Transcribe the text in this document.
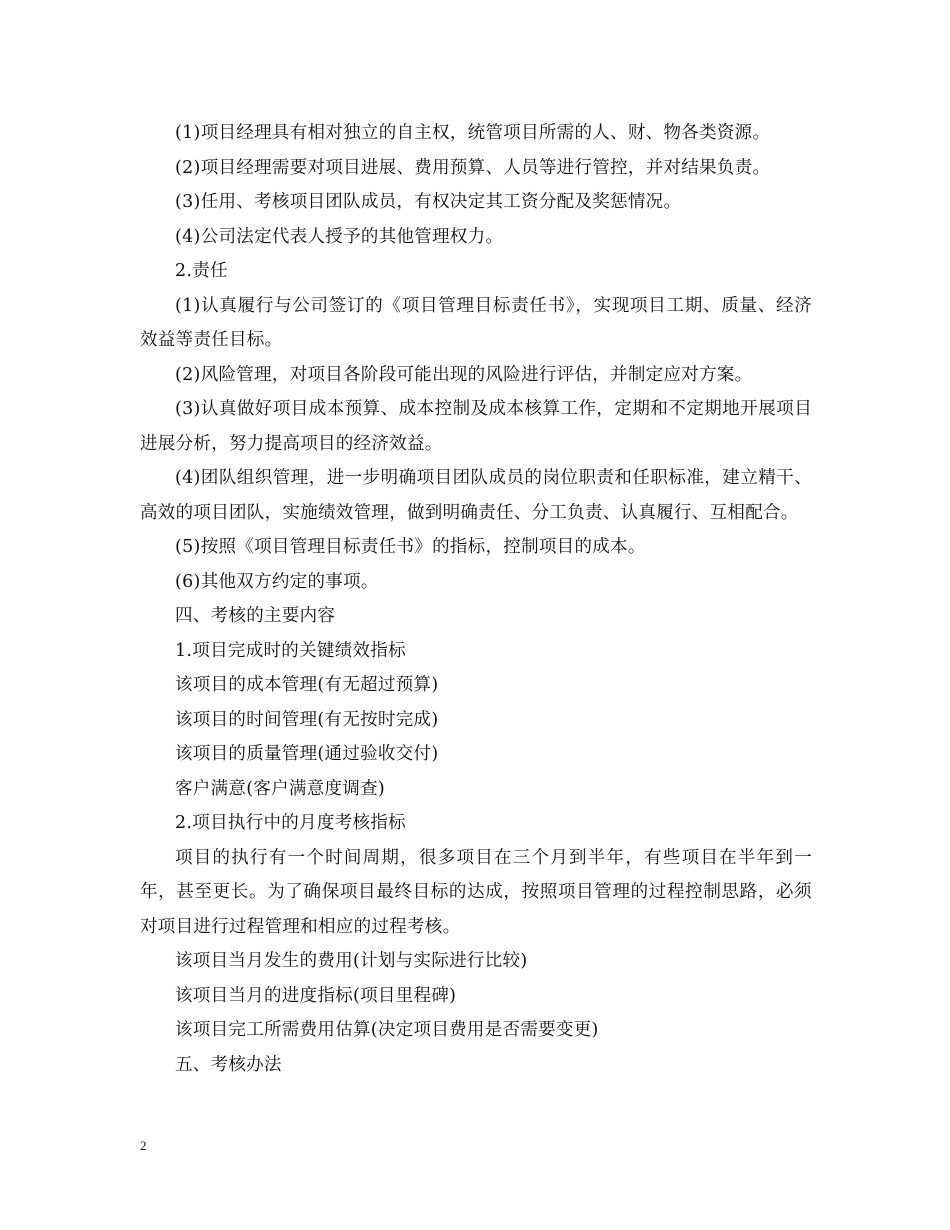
(1)项目经理具有相对独立的自主权，统管项目所需的人、财、物各类资源。

(2)项目经理需要对项目进展、费用预算、人员等进行管控，并对结果负责。

(3)任用、考核项目团队成员，有权决定其工资分配及奖惩情况。

(4)公司法定代表人授予的其他管理权力。

2.责任

(1)认真履行与公司签订的《项目管理目标责任书》，实现项目工期、质量、经济效益等责任目标。

(2)风险管理，对项目各阶段可能出现的风险进行评估，并制定应对方案。

(3)认真做好项目成本预算、成本控制及成本核算工作，定期和不定期地开展项目进展分析，努力提高项目的经济效益。

(4)团队组织管理，进一步明确项目团队成员的岗位职责和任职标准，建立精干、高效的项目团队，实施绩效管理，做到明确责任、分工负责、认真履行、互相配合。

(5)按照《项目管理目标责任书》的指标，控制项目的成本。

(6)其他双方约定的事项。

四、考核的主要内容

1.项目完成时的关键绩效指标

该项目的成本管理(有无超过预算)

该项目的时间管理(有无按时完成)

该项目的质量管理(通过验收交付)

客户满意(客户满意度调查)

2.项目执行中的月度考核指标

项目的执行有一个时间周期，很多项目在三个月到半年，有些项目在半年到一年，甚至更长。为了确保项目最终目标的达成，按照项目管理的过程控制思路，必须对项目进行过程管理和相应的过程考核。

该项目当月发生的费用(计划与实际进行比较)

该项目当月的进度指标(项目里程碑)

该项目完工所需费用估算(决定项目费用是否需要变更)

五、考核办法

2
